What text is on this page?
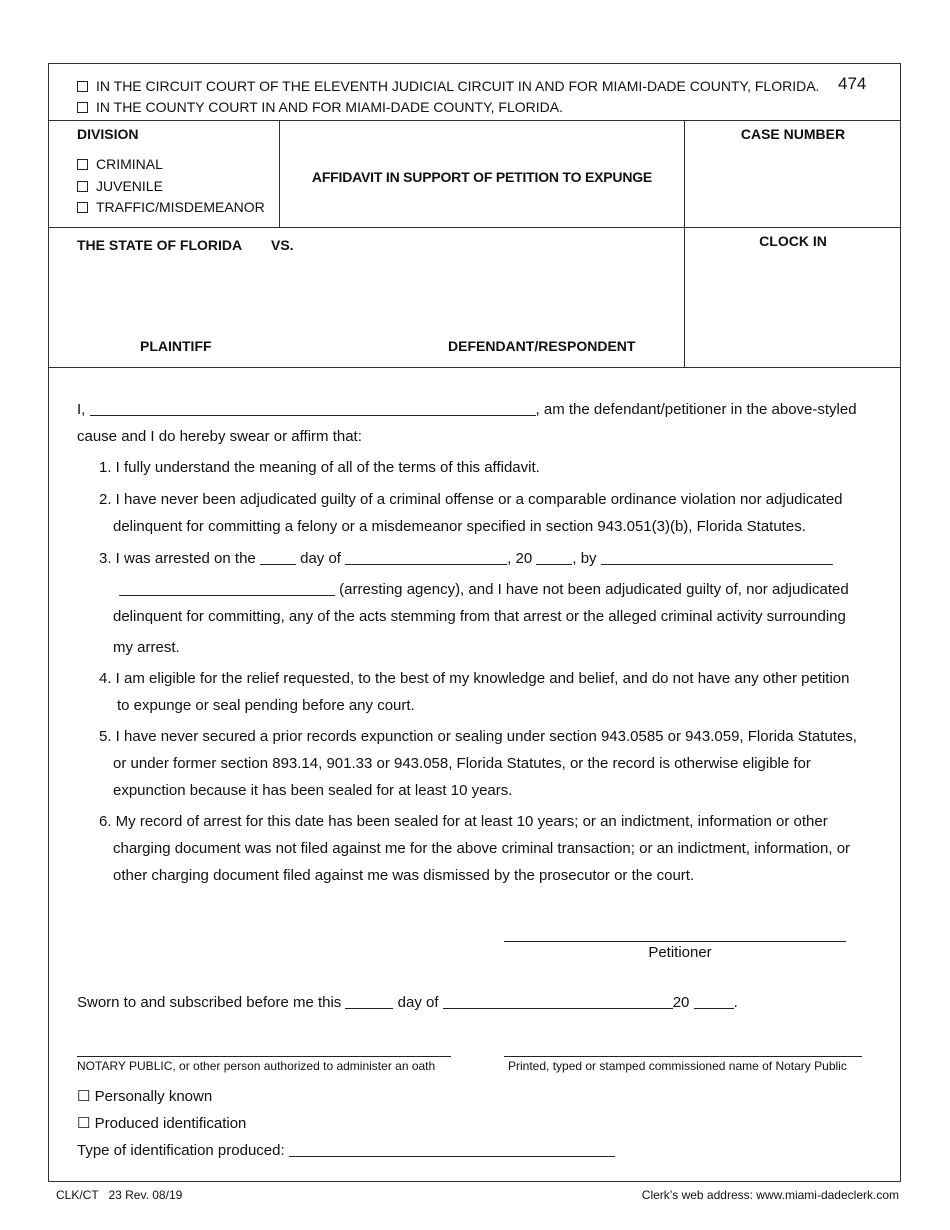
IN THE CIRCUIT COURT OF THE ELEVENTH JUDICIAL CIRCUIT IN AND FOR MIAMI-DADE COUNTY, FLORIDA.
IN THE COUNTY COURT IN AND FOR MIAMI-DADE COUNTY, FLORIDA.
474
DIVISION
CRIMINAL
JUVENILE
TRAFFIC/MISDEMEANOR
AFFIDAVIT IN SUPPORT OF PETITION TO EXPUNGE
CASE NUMBER
CLOCK IN
THE STATE OF FLORIDA VS.
PLAINTIFF	DEFENDANT/RESPONDENT
I,	, am the defendant/petitioner in the above-styled
cause and I do hereby swear or affirm that:
1. I fully understand the meaning of all of the terms of this affidavit.
2. I have never been adjudicated guilty of a criminal offense or a comparable ordinance violation nor adjudicated
delinquent for committing a felony or a misdemeanor specified in section 943.051(3)(b), Florida Statutes.
3. I was arrested on the	day of	, 20	, by
(arresting agency), and I have not been adjudicated guilty of, nor adjudicated
delinquent for committing, any of the acts stemming from that arrest or the alleged criminal activity surrounding
my arrest.
4. I am eligible for the relief requested, to the best of my knowledge and belief, and do not have any other petition
to expunge or seal pending before any court.
5. I have never secured a prior records expunction or sealing under section 943.0585 or 943.059, Florida Statutes,
or under former section 893.14, 901.33 or 943.058, Florida Statutes, or the record is otherwise eligible for
expunction because it has been sealed for at least 10 years.
6. My record of arrest for this date has been sealed for at least 10 years; or an indictment, information or other
charging document was not filed against me for the above criminal transaction; or an indictment, information, or
other charging document filed against me was dismissed by the prosecutor or the court.
Petitioner
Sworn to and subscribed before me this	day of	20	.
NOTARY PUBLIC, or other person authorized to administer an oath	Printed, typed or stamped commissioned name of Notary Public
☐ Personally known
☐ Produced identification
Type of identification produced:
CLK/CT   23 Rev. 08/19	Clerk’s web address: www.miami-dadeclerk.com
